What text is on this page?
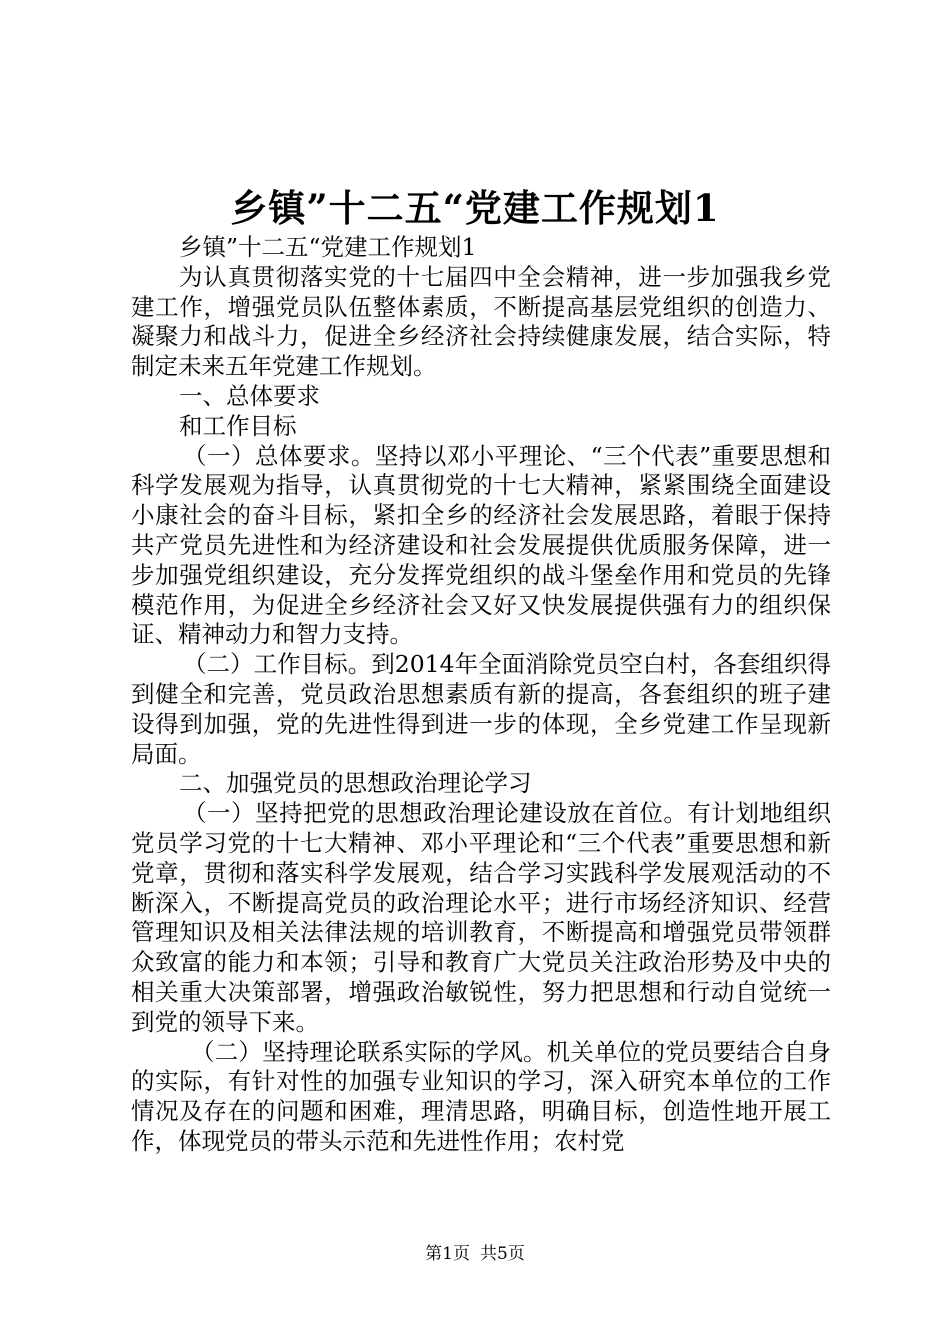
乡镇”十二五“党建工作规划1

乡镇”十二五“党建工作规划1

为认真贯彻落实党的十七届四中全会精神，进一步加强我乡党建工作，增强党员队伍整体素质，不断提高基层党组织的创造力、凝聚力和战斗力，促进全乡经济社会持续健康发展，结合实际，特制定未来五年党建工作规划。

一、总体要求

和工作目标

（一）总体要求。坚持以邓小平理论、“三个代表”重要思想和科学发展观为指导，认真贯彻党的十七大精神，紧紧围绕全面建设小康社会的奋斗目标，紧扣全乡的经济社会发展思路，着眼于保持共产党员先进性和为经济建设和社会发展提供优质服务保障，进一步加强党组织建设，充分发挥党组织的战斗堡垒作用和党员的先锋模范作用，为促进全乡经济社会又好又快发展提供强有力的组织保证、精神动力和智力支持。

（二）工作目标。到2014年全面消除党员空白村，各套组织得到健全和完善，党员政治思想素质有新的提高，各套组织的班子建设得到加强，党的先进性得到进一步的体现，全乡党建工作呈现新局面。

二、加强党员的思想政治理论学习

（一）坚持把党的思想政治理论建设放在首位。有计划地组织党员学习党的十七大精神、邓小平理论和“三个代表”重要思想和新党章，贯彻和落实科学发展观，结合学习实践科学发展观活动的不断深入，不断提高党员的政治理论水平；进行市场经济知识、经营管理知识及相关法律法规的培训教育，不断提高和增强党员带领群众致富的能力和本领；引导和教育广大党员关注政治形势及中央的相关重大决策部署，增强政治敏锐性，努力把思想和行动自觉统一到党的领导下来。

（二）坚持理论联系实际的学风。机关单位的党员要结合自身的实际，有针对性的加强专业知识的学习，深入研究本单位的工作情况及存在的问题和困难，理清思路，明确目标，创造性地开展工作，体现党员的带头示范和先进性作用；农村党

第1页 共5页
